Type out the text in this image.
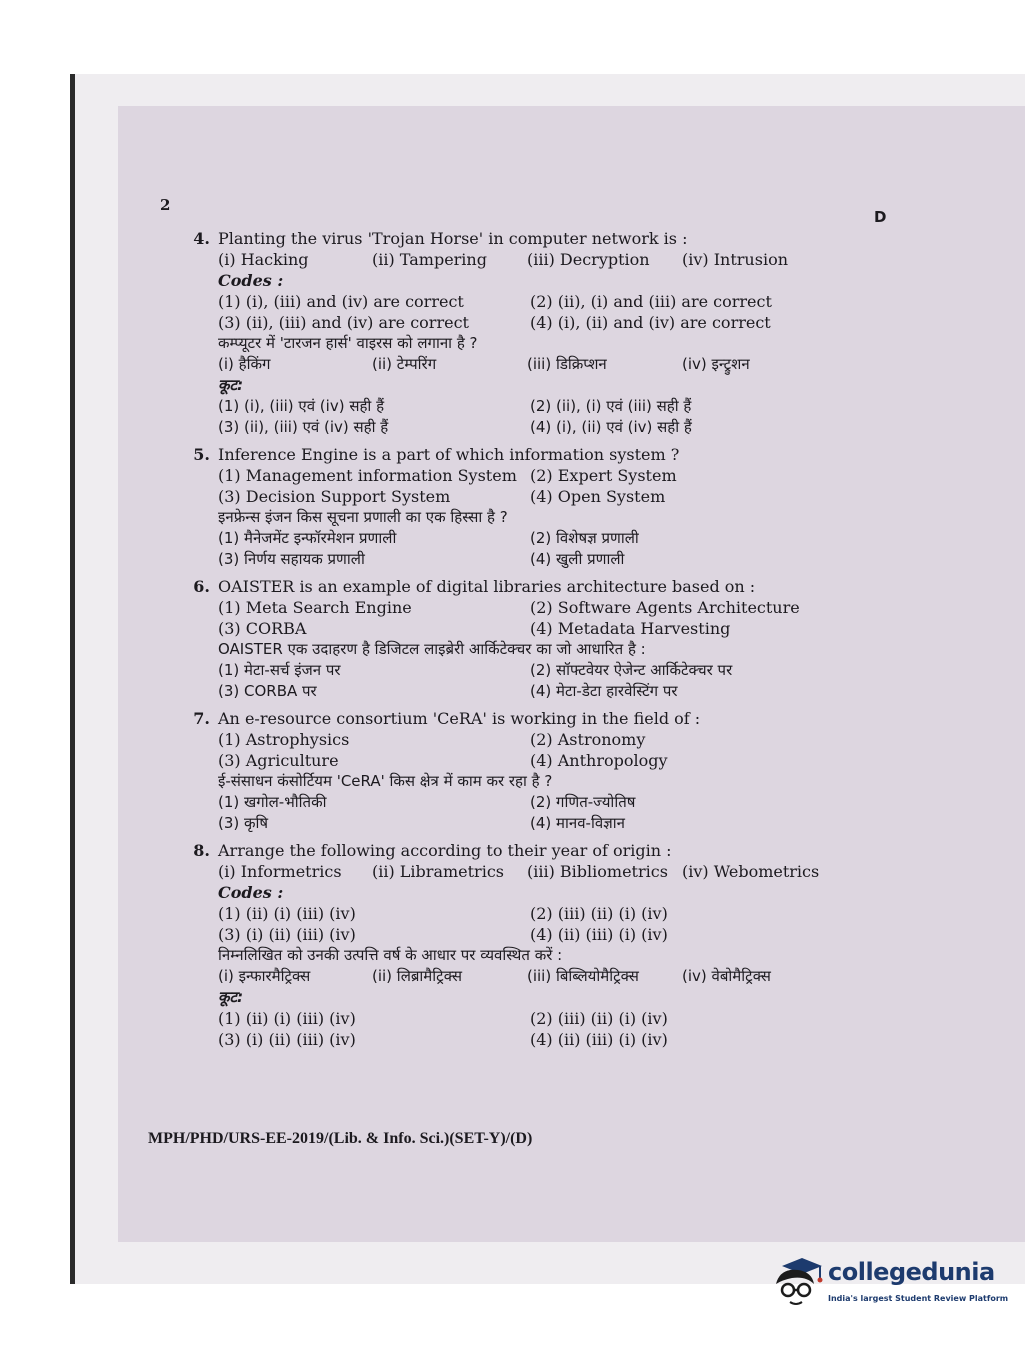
2
D
4. Planting the virus 'Trojan Horse' in computer network is :
(i) Hacking	(ii) Tampering	(iii) Decryption	(iv) Intrusion
Codes :
(1) (i), (iii) and (iv) are correct	(2) (ii), (i) and (iii) are correct
(3) (ii), (iii) and (iv) are correct	(4) (i), (ii) and (iv) are correct
कम्प्यूटर में 'टारजन हार्स' वाइरस को लगाना है ?
(i) हैकिंग	(ii) टेम्परिंग	(iii) डिक्रिप्शन	(iv) इन्ट्रुशन
कूट:
(1) (i), (iii) एवं (iv) सही हैं	(2) (ii), (i) एवं (iii) सही हैं
(3) (ii), (iii) एवं (iv) सही हैं	(4) (i), (ii) एवं (iv) सही हैं
5. Inference Engine is a part of which information system ?
(1) Management information System (2) Expert System
(3) Decision Support System	(4) Open System
इनफ्रेन्स इंजन किस सूचना प्रणाली का एक हिस्सा है ?
(1) मैनेजमेंट इन्फॉरमेशन प्रणाली	(2) विशेषज्ञ प्रणाली
(3) निर्णय सहायक प्रणाली	(4) खुली प्रणाली
6. OAISTER is an example of digital libraries architecture based on :
(1) Meta Search Engine	(2) Software Agents Architecture
(3) CORBA	(4) Metadata Harvesting
OAISTER एक उदाहरण है डिजिटल लाइब्रेरी आर्किटेक्चर का जो आधारित है :
(1) मेटा-सर्च इंजन पर	(2) सॉफ्टवेयर ऐजेन्ट आर्किटेक्चर पर
(3) CORBA पर	(4) मेटा-डेटा हारवेस्टिंग पर
7. An e-resource consortium 'CeRA' is working in the field of :
(1) Astrophysics	(2) Astronomy
(3) Agriculture	(4) Anthropology
ई-संसाधन कंसोर्टियम 'CeRA' किस क्षेत्र में काम कर रहा है ?
(1) खगोल-भौतिकी	(2) गणित-ज्योतिष
(3) कृषि	(4) मानव-विज्ञान
8. Arrange the following according to their year of origin :
(i) Informetrics	(ii) Librametrics	(iii) Bibliometrics (iv) Webometrics
Codes :
(1) (ii) (i) (iii) (iv)	(2) (iii) (ii) (i) (iv)
(3) (i) (ii) (iii) (iv)	(4) (ii) (iii) (i) (iv)
निम्नलिखित को उनकी उत्पत्ति वर्ष के आधार पर व्यवस्थित करें :
(i) इन्फारमैट्रिक्स	(ii) लिब्रामैट्रिक्स	(iii) बिब्लियोमैट्रिक्स	(iv) वेबोमैट्रिक्स
कूट:
(1) (ii) (i) (iii) (iv)	(2) (iii) (ii) (i) (iv)
(3) (i) (ii) (iii) (iv)	(4) (ii) (iii) (i) (iv)
MPH/PHD/URS-EE-2019/(Lib. & Info. Sci.)(SET-Y)/(D)
collegedunia
India's largest Student Review Platform
